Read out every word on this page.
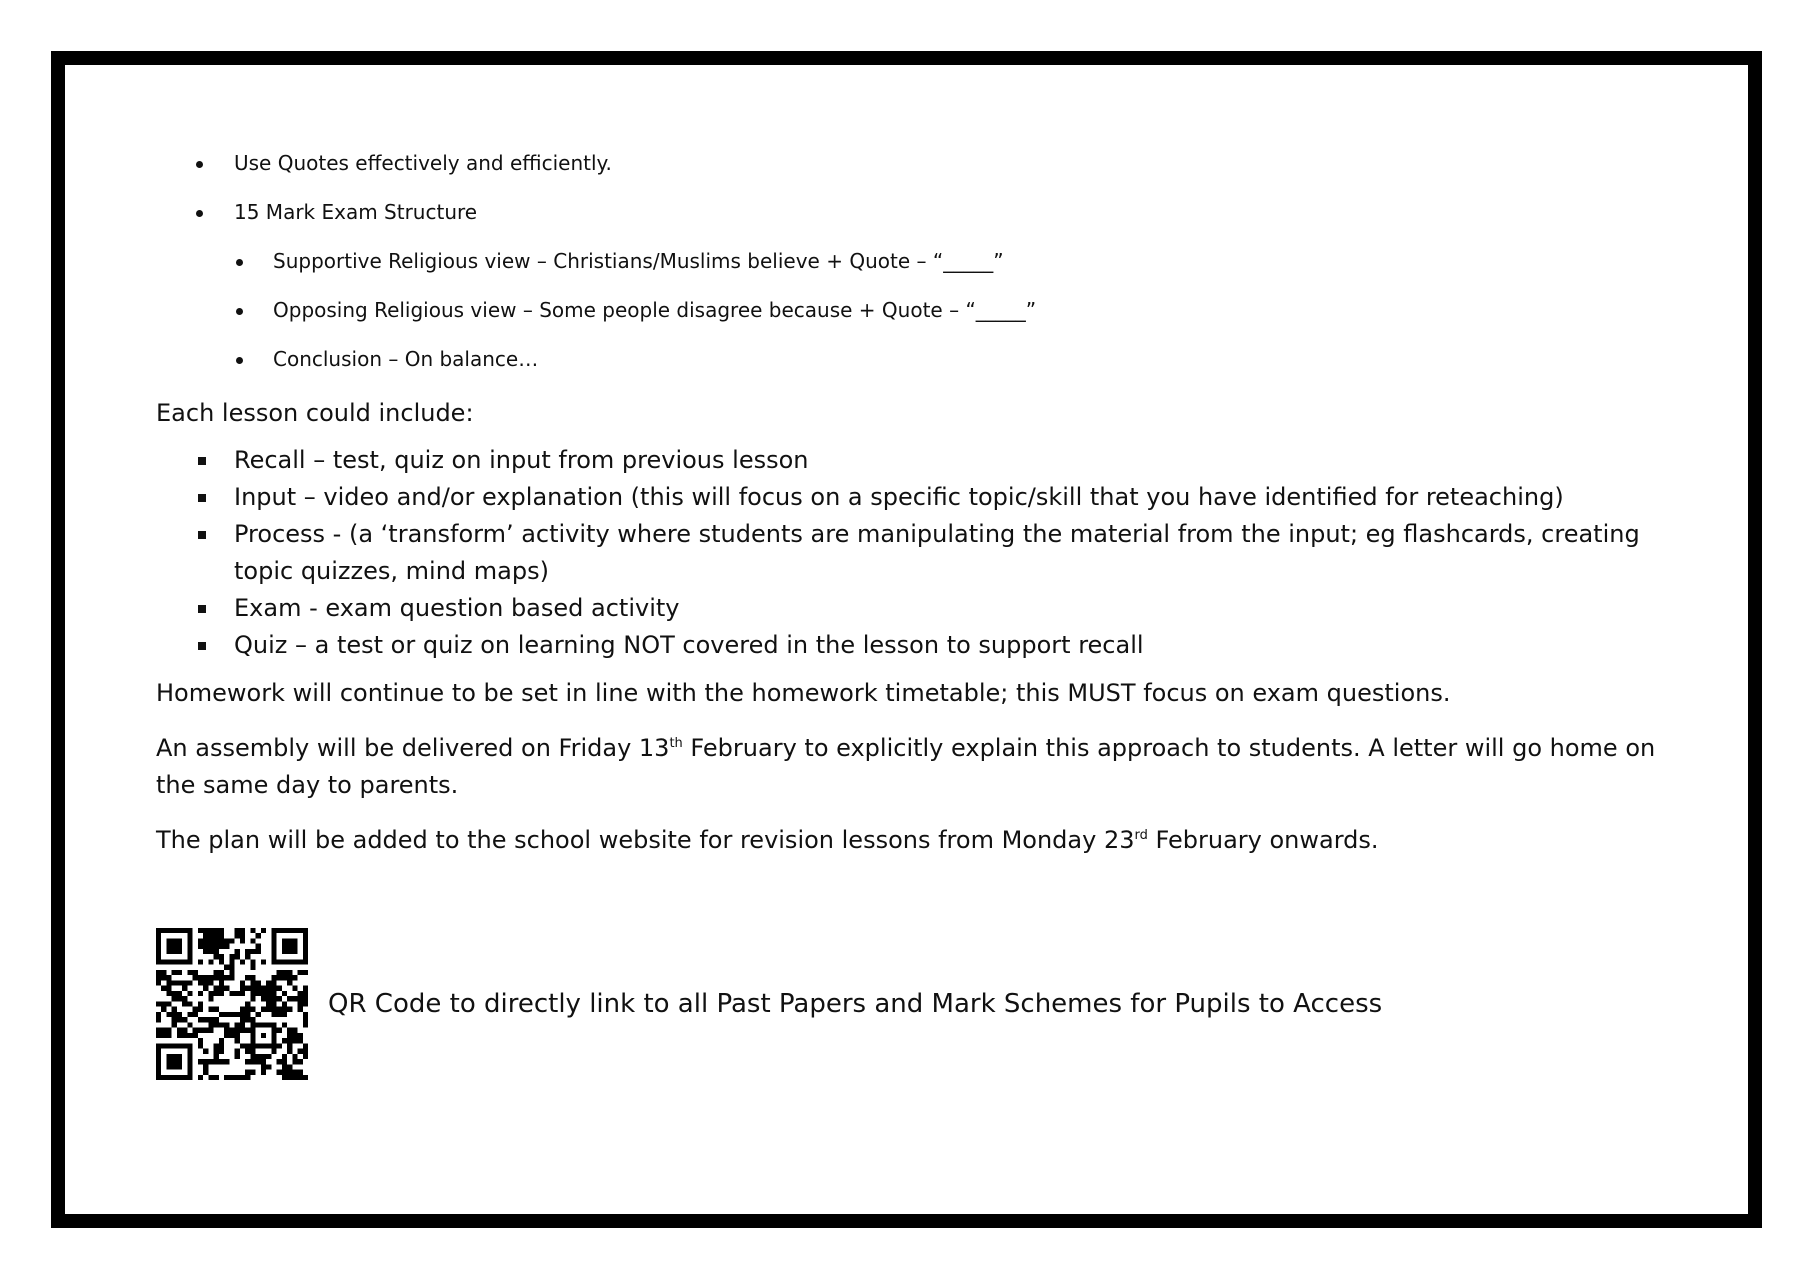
Use Quotes effectively and efficiently.
15 Mark Exam Structure
Supportive Religious view – Christians/Muslims believe + Quote – “_____”
Opposing Religious view – Some people disagree because + Quote – “_____”
Conclusion – On balance…

Each lesson could include:

Recall – test, quiz on input from previous lesson
Input – video and/or explanation (this will focus on a specific topic/skill that you have identified for reteaching)
Process - (a ‘transform’ activity where students are manipulating the material from the input; eg flashcards, creating topic quizzes, mind maps)
Exam - exam question based activity
Quiz – a test or quiz on learning NOT covered in the lesson to support recall

Homework will continue to be set in line with the homework timetable; this MUST focus on exam questions.

An assembly will be delivered on Friday 13th February to explicitly explain this approach to students. A letter will go home on the same day to parents.

The plan will be added to the school website for revision lessons from Monday 23rd February onwards.

QR Code to directly link to all Past Papers and Mark Schemes for Pupils to Access
